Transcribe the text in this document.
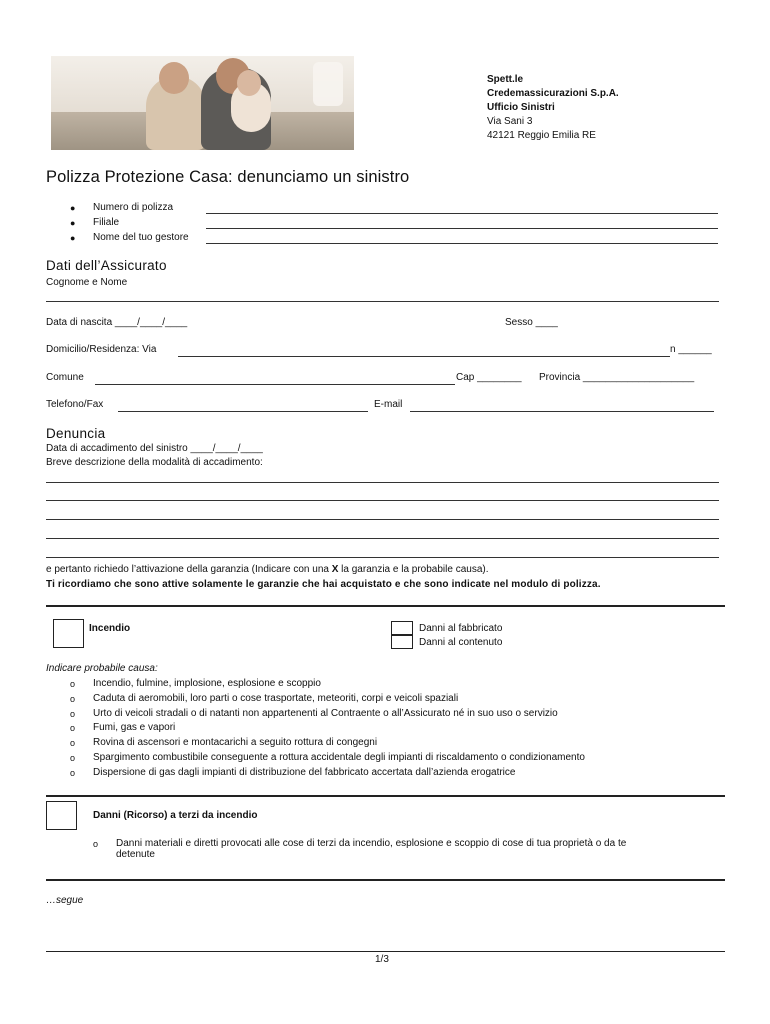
Spett.le
Credemassicurazioni S.p.A.
Ufficio Sinistri
Via Sani 3
42121 Reggio Emilia RE
Polizza Protezione Casa: denunciamo un sinistro
● Numero di polizza
● Filiale
● Nome del tuo gestore
Dati dell’Assicurato
Cognome e Nome
Data di nascita ____/____/____	Sesso ____
Domicilio/Residenza: Via	n ______
Comune	Cap ________ Provincia ____________________
Telefono/Fax	E-mail
Denuncia
Data di accadimento del sinistro ____/____/____
Breve descrizione della modalità di accadimento:
e pertanto richiedo l’attivazione della garanzia (Indicare con una X la garanzia e la probabile causa).
Ti ricordiamo che sono attive solamente le garanzie che hai acquistato e che sono indicate nel modulo di polizza.
Incendio	Danni al fabbricato
Danni al contenuto
Indicare probabile causa:
o Incendio, fulmine, implosione, esplosione e scoppio
o Caduta di aeromobili, loro parti o cose trasportate, meteoriti, corpi e veicoli spaziali
o Urto di veicoli stradali o di natanti non appartenenti al Contraente o all’Assicurato né in suo uso o servizio
o Fumi, gas e vapori
o Rovina di ascensori e montacarichi a seguito rottura di congegni
o Spargimento combustibile conseguente a rottura accidentale degli impianti di riscaldamento o condizionamento
o Dispersione di gas dagli impianti di distribuzione del fabbricato accertata dall’azienda erogatrice
Danni (Ricorso) a terzi da incendio
o Danni materiali e diretti provocati alle cose di terzi da incendio, esplosione e scoppio di cose di tua proprietà o da te
detenute
…segue
1/3
